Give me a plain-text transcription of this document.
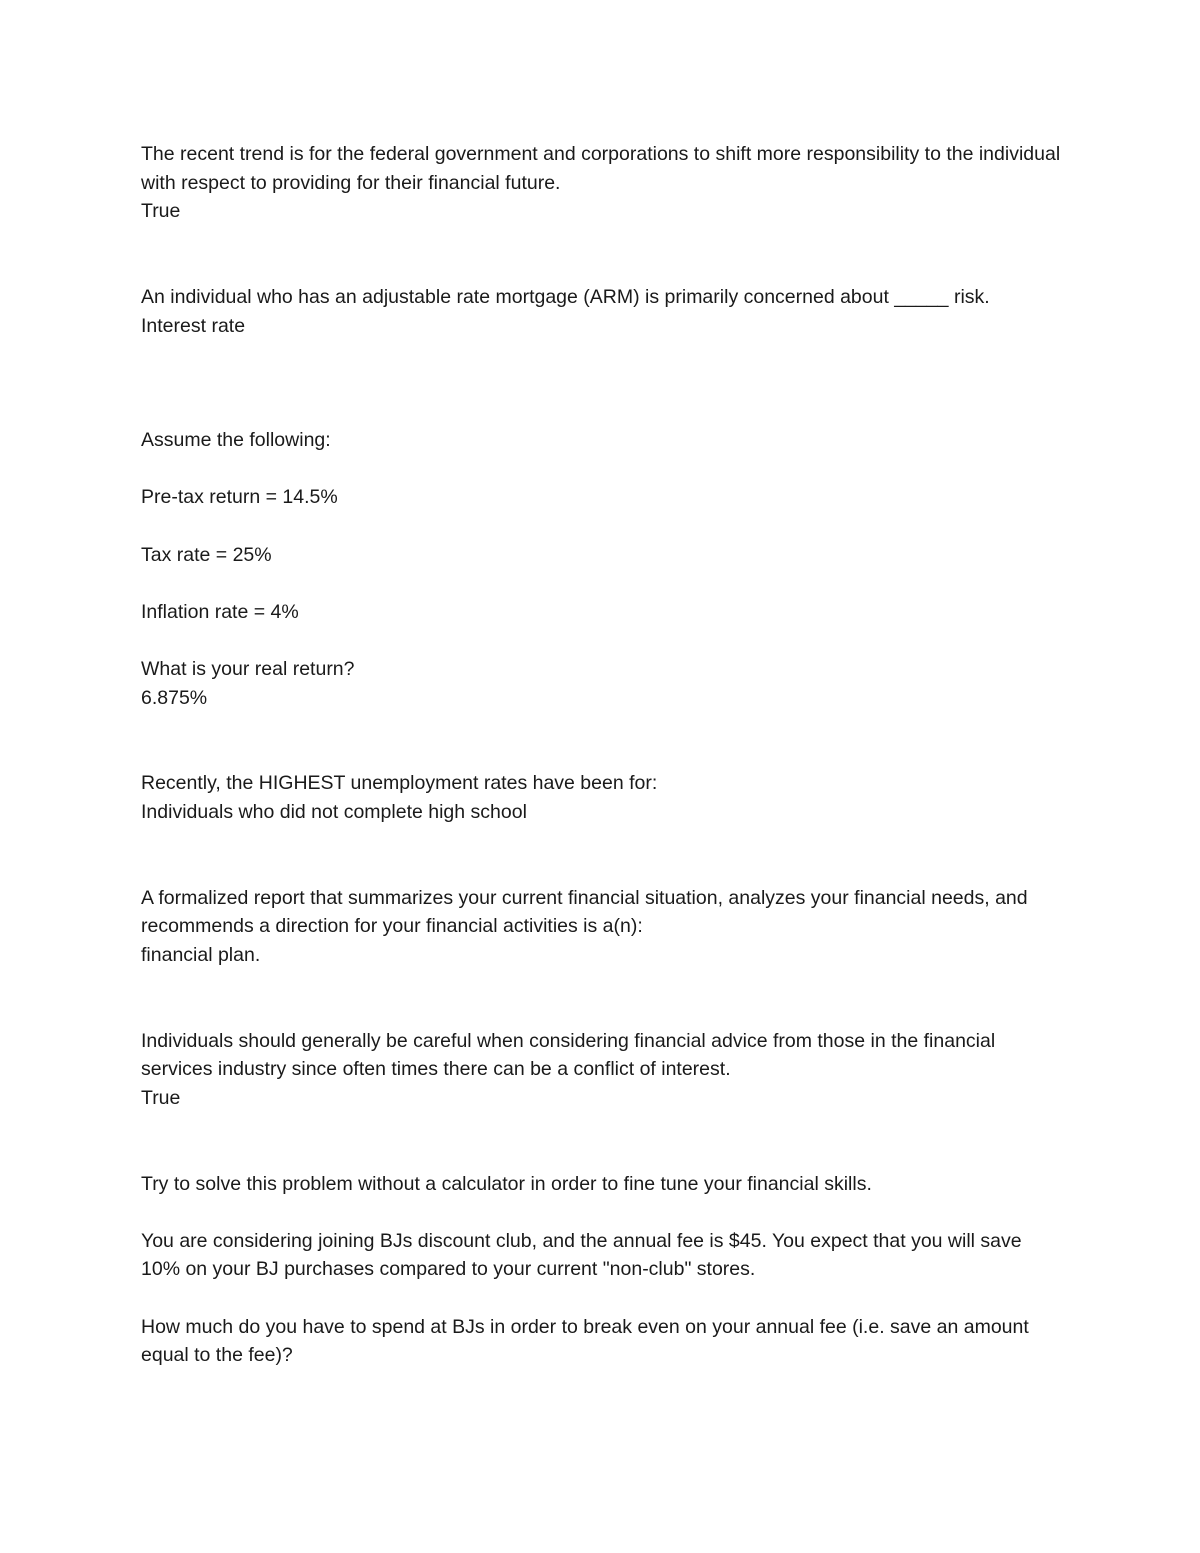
The recent trend is for the federal government and corporations to shift more responsibility to the individual with respect to providing for their financial future.

True

An individual who has an adjustable rate mortgage (ARM) is primarily concerned about _____ risk.

Interest rate

Assume the following:

Pre-tax return = 14.5%

Tax rate = 25%

Inflation rate = 4%

What is your real return?

6.875%

Recently, the HIGHEST unemployment rates have been for:

Individuals who did not complete high school

A formalized report that summarizes your current financial situation, analyzes your financial needs, and recommends a direction for your financial activities is a(n):

financial plan.

Individuals should generally be careful when considering financial advice from those in the financial services industry since often times there can be a conflict of interest.

True

Try to solve this problem without a calculator in order to fine tune your financial skills.

You are considering joining BJs discount club, and the annual fee is $45. You expect that you will save 10% on your BJ purchases compared to your current "non-club" stores.

How much do you have to spend at BJs in order to break even on your annual fee (i.e. save an amount equal to the fee)?
